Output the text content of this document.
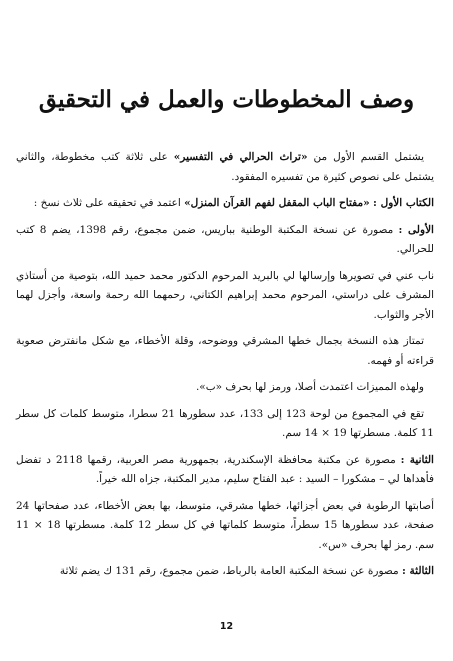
وصف المخطوطات والعمل في التحقيق

يشتمل القسم الأول من «تراث الحرالي في التفسير» على ثلاثة كتب مخطوطة، والثاني يشتمل على نصوص كثيرة من تفسيره المفقود.

الكتاب الأول : «مفتاح الباب المقفل لفهم القرآن المنزل» اعتمد في تحقيقه على ثلاث نسخ :

الأولى : مصورة عن نسخة المكتبة الوطنية بباريس، ضمن مجموع، رقم 1398، يضم 8 كتب للحرالي.

ناب عني في تصويرها وإرسالها لي بالبريد المرحوم الدكتور محمد حميد الله، بتوصية من أستاذي المشرف على دراستي، المرحوم محمد إبراهيم الكتاني، رحمهما الله رحمة واسعة، وأجزل لهما الأجر والثواب.

تمتاز هذه النسخة بجمال خطها المشرقي ووضوحه، وقلة الأخطاء، مع شكل مانفترض صعوبة قراءته أو فهمه.

ولهذه المميزات اعتمدت أصلا، ورمز لها بحرف «ب».

تقع في المجموع من لوحة 123 إلى 133، عدد سطورها 21 سطرا، متوسط كلمات كل سطر 11 كلمة. مسطرتها 19 × 14 سم.

الثانية : مصورة عن مكتبة محافظة الإسكندرية، بجمهورية مصر العربية، رقمها 2118 د تفضل فأهداها لي – مشكورا – السيد : عبد الفتاح سليم، مدير المكتبة، جزاه الله خيراً.

أصابتها الرطوبة في بعض أجزائها، خطها مشرقي، متوسط، بها بعض الأخطاء، عدد صفحاتها 24 صفحة، عدد سطورها 15 سطراً، متوسط كلماتها في كل سطر 12 كلمة. مسطرتها 18 × 11 سم. رمز لها بحرف «س».

الثالثة : مصورة عن نسخة المكتبة العامة بالرباط، ضمن مجموع، رقم 131 ك يضم ثلاثة

12
